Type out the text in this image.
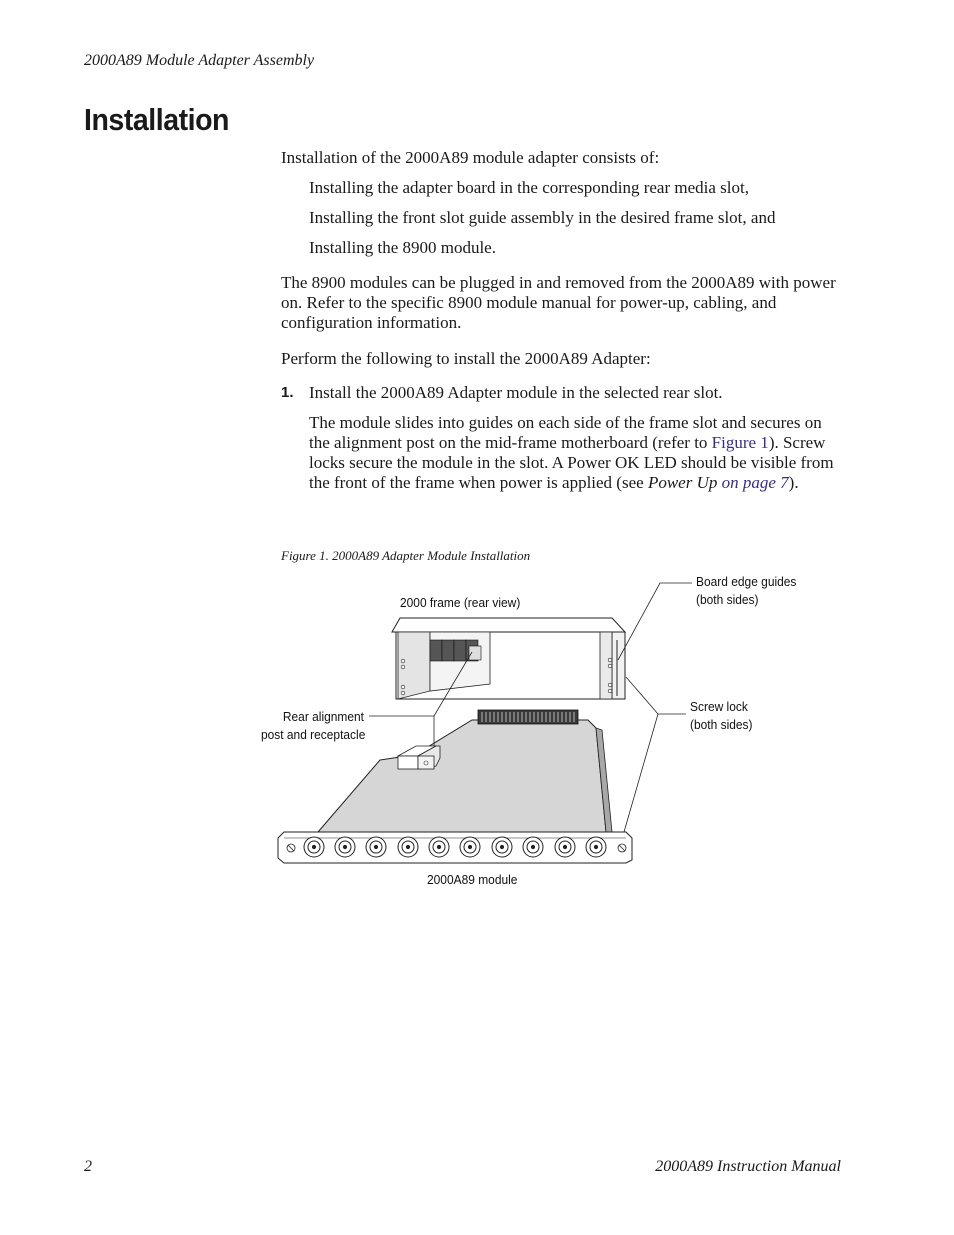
2000A89 Module Adapter Assembly
Installation

Installation of the 2000A89 module adapter consists of:

Installing the adapter board in the corresponding rear media slot,
Installing the front slot guide assembly in the desired frame slot, and
Installing the 8900 module.

The 8900 modules can be plugged in and removed from the 2000A89 with power on. Refer to the specific 8900 module manual for power-up, cabling, and configuration information.

Perform the following to install the 2000A89 Adapter:

1. Install the 2000A89 Adapter module in the selected rear slot.

The module slides into guides on each side of the frame slot and secures on the alignment post on the mid-frame motherboard (refer to Figure 1). Screw locks secure the module in the slot. A Power OK LED should be visible from the front of the frame when power is applied (see Power Up on page 7).

Figure 1. 2000A89 Adapter Module Installation
2000 frame (rear view)
Board edge guides
(both sides)
Rear alignment
post and receptacle
Screw lock
(both sides)
2000A89 module
2	2000A89 Instruction Manual
